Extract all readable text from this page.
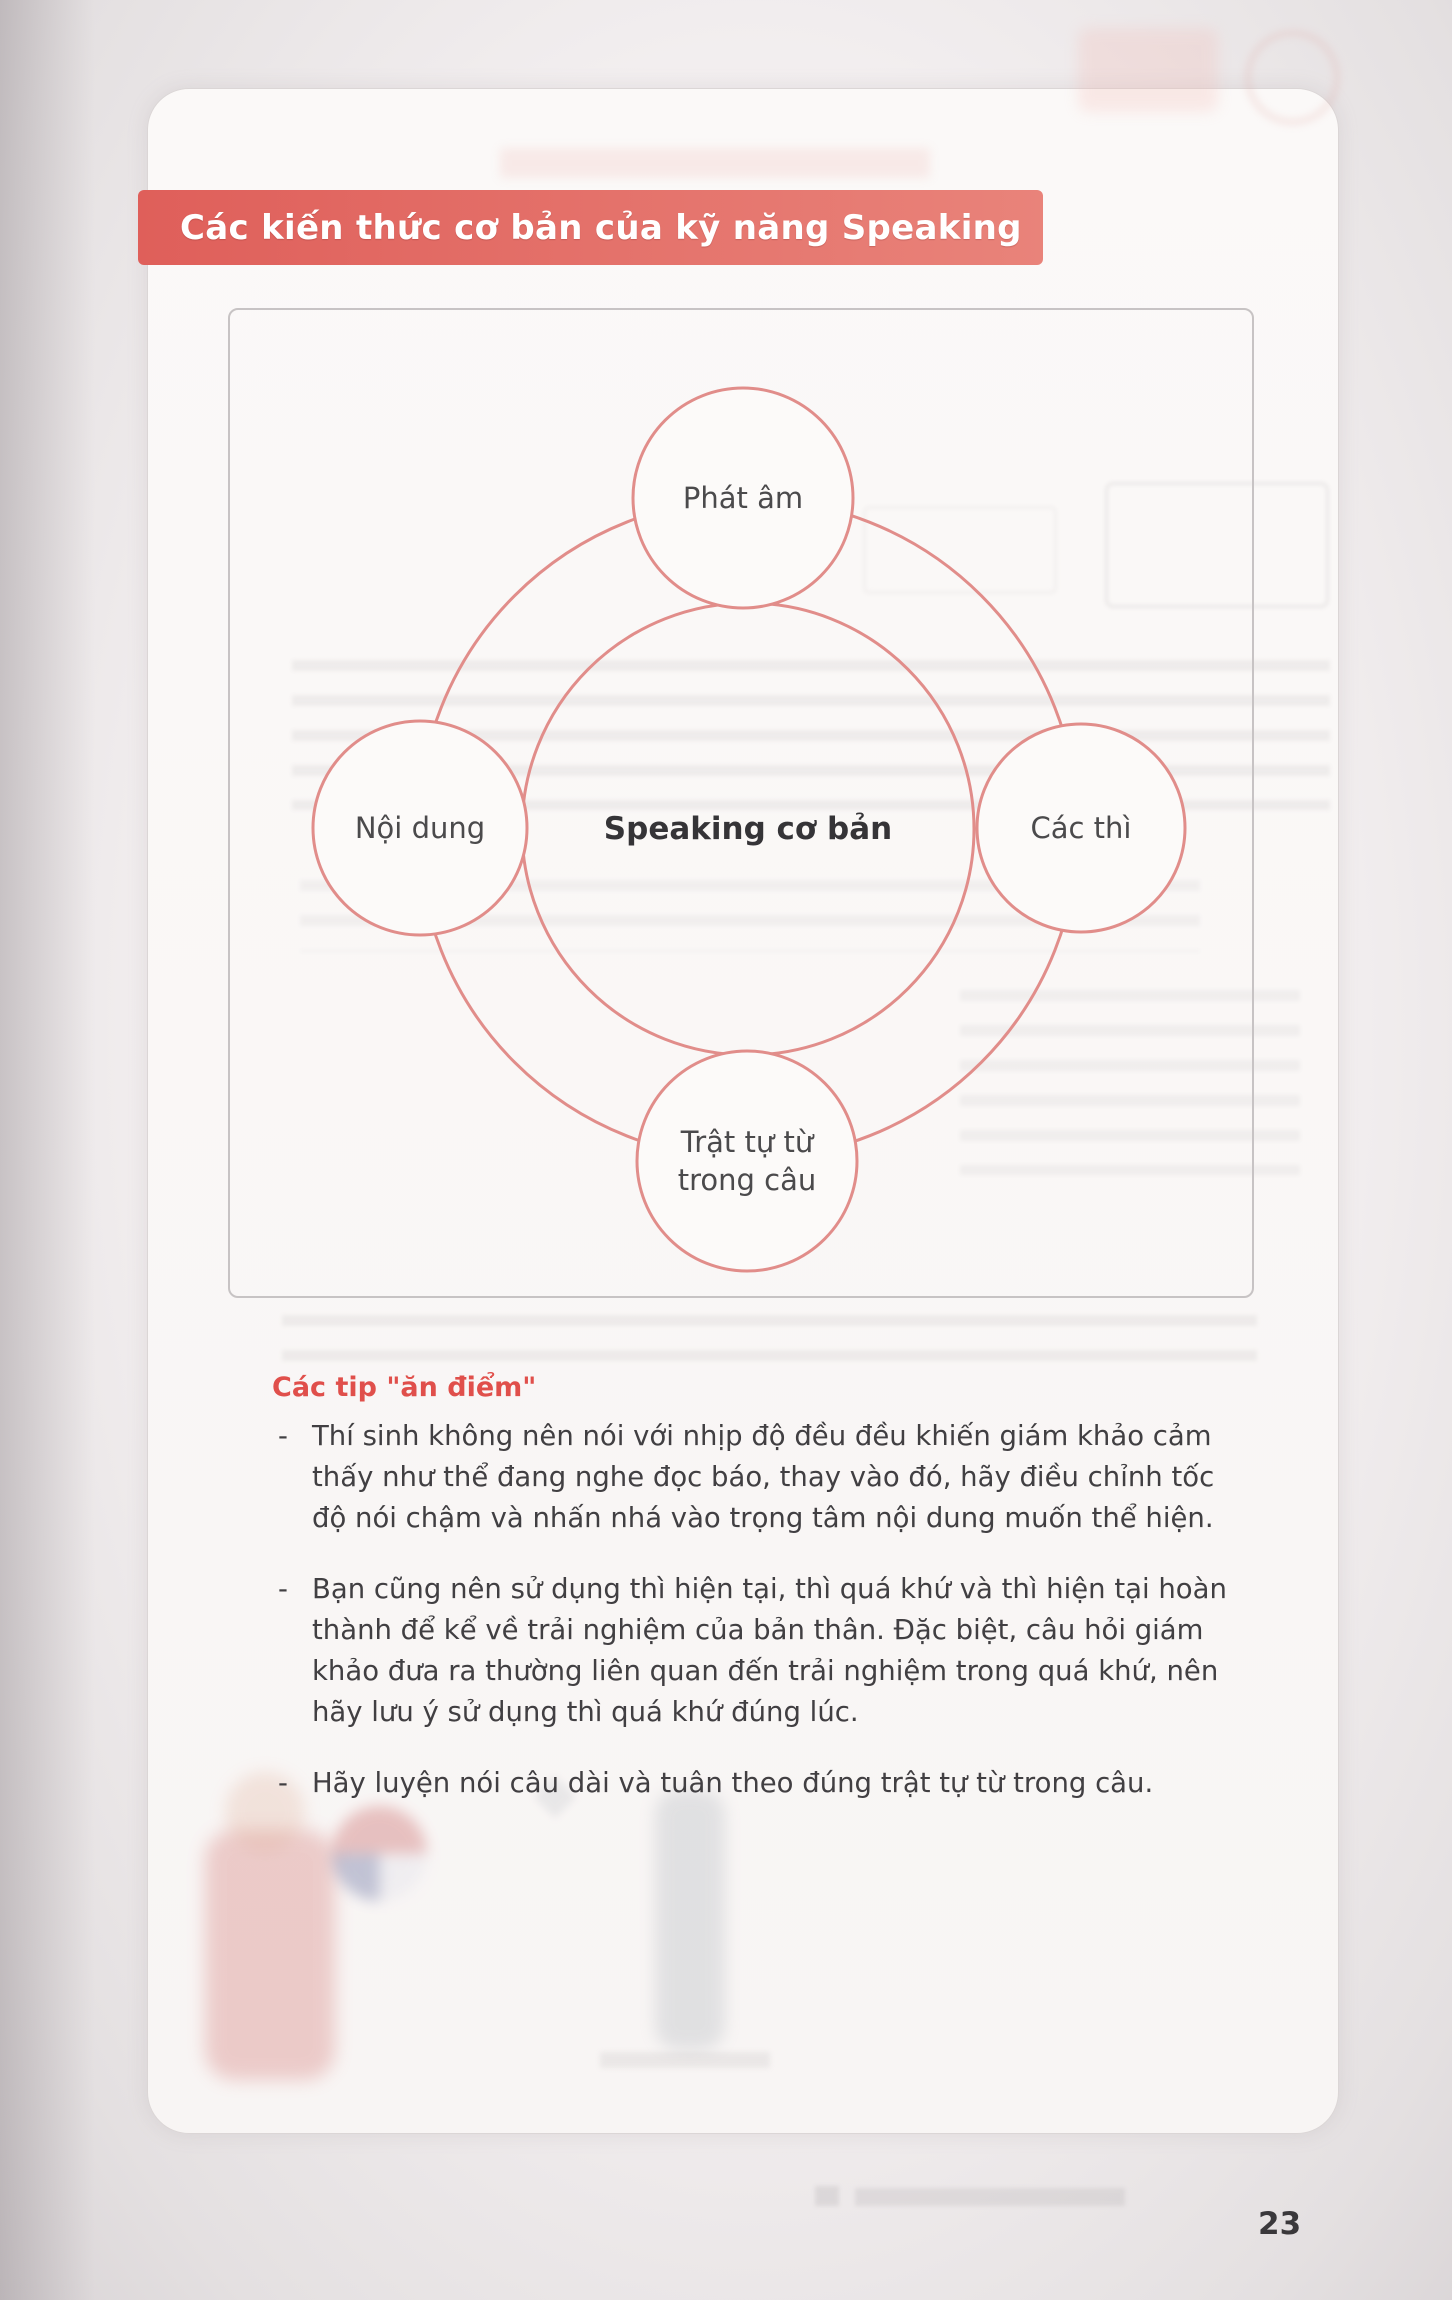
Các kiến thức cơ bản của kỹ năng Speaking
Phát âm
Nội dung	Các thì
Trật tự từ trong câu
Speaking cơ bản
Các tip "ăn điểm"
- Thí sinh không nên nói với nhịp độ đều đều khiến giám khảo cảm thấy như thể đang nghe đọc báo, thay vào đó, hãy điều chỉnh tốc độ nói chậm và nhấn nhá vào trọng tâm nội dung muốn thể hiện.
- Bạn cũng nên sử dụng thì hiện tại, thì quá khứ và thì hiện tại hoàn thành để kể về trải nghiệm của bản thân. Đặc biệt, câu hỏi giám khảo đưa ra thường liên quan đến trải nghiệm trong quá khứ, nên hãy lưu ý sử dụng thì quá khứ đúng lúc.
- Hãy luyện nói câu dài và tuân theo đúng trật tự từ trong câu.
23
